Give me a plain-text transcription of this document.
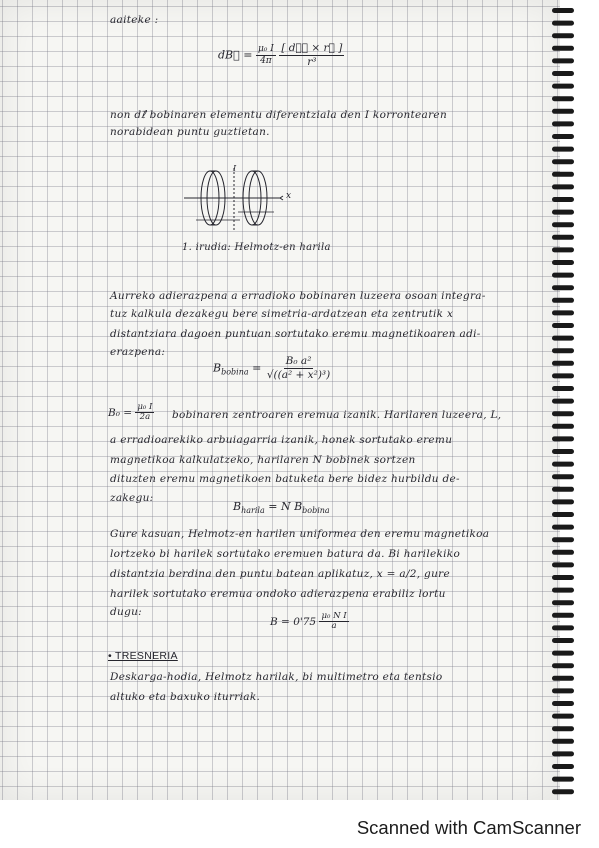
aaiteke :
dB⃗ = $\frac{\text{μ₀ I}}{4\pi}$
$\frac{\text{[ dℓ⃗ × r⃗ ]}}{\text{r³}}$
non dℓ⃗ bobinaren elementu diferentziala den I korrontearen
norabidean puntu guztietan.
I
x
1. irudia: Helmotz-en harila
Aurreko adierazpena a erradioko bobinaren luzeera osoan integra-
tuz kalkula dezakegu bere simetria-ardatzean eta zentrutik x
distantziara dagoen puntuan sortutako eremu magnetikoaren adi-
erazpena:
$B_{bobina} = \frac{\text{B₀ a²}}{\text{√((a² + x²)³)}}$
$B_0 = \frac{\text{μ₀ I}}{2a}$ bobinaren zentroaren eremua izanik. Harilaren luzeera, L,
a erradioarekiko arbuiagarria izanik, honek sortutako eremu
magnetikoa kalkulatzeko, harilaren N bobinek sortzen
dituzten eremu magnetikoen batuketa bere bidez hurbildu de-
zakegu:
$B_{harila} = N$ $B_{bobina}$
Gure kasuan, Helmotz-en harilen uniformea den eremu magnetikoa
lortzeko bi harilek sortutako eremuen batura da. Bi harilekiko
distantzia berdina den puntu batean aplikatuz, x = a/2, gure
harilek sortutako eremua ondoko adierazpena erabiliz lortu
dugu:
$B = 0'75 \frac{\text{μ₀ N I}}{a}$
• TRESNERIA
Deskarga-hodia, Helmotz harilak, bi multimetro eta tentsio
altuko eta baxuko iturriak.
Scanned with CamScanner
